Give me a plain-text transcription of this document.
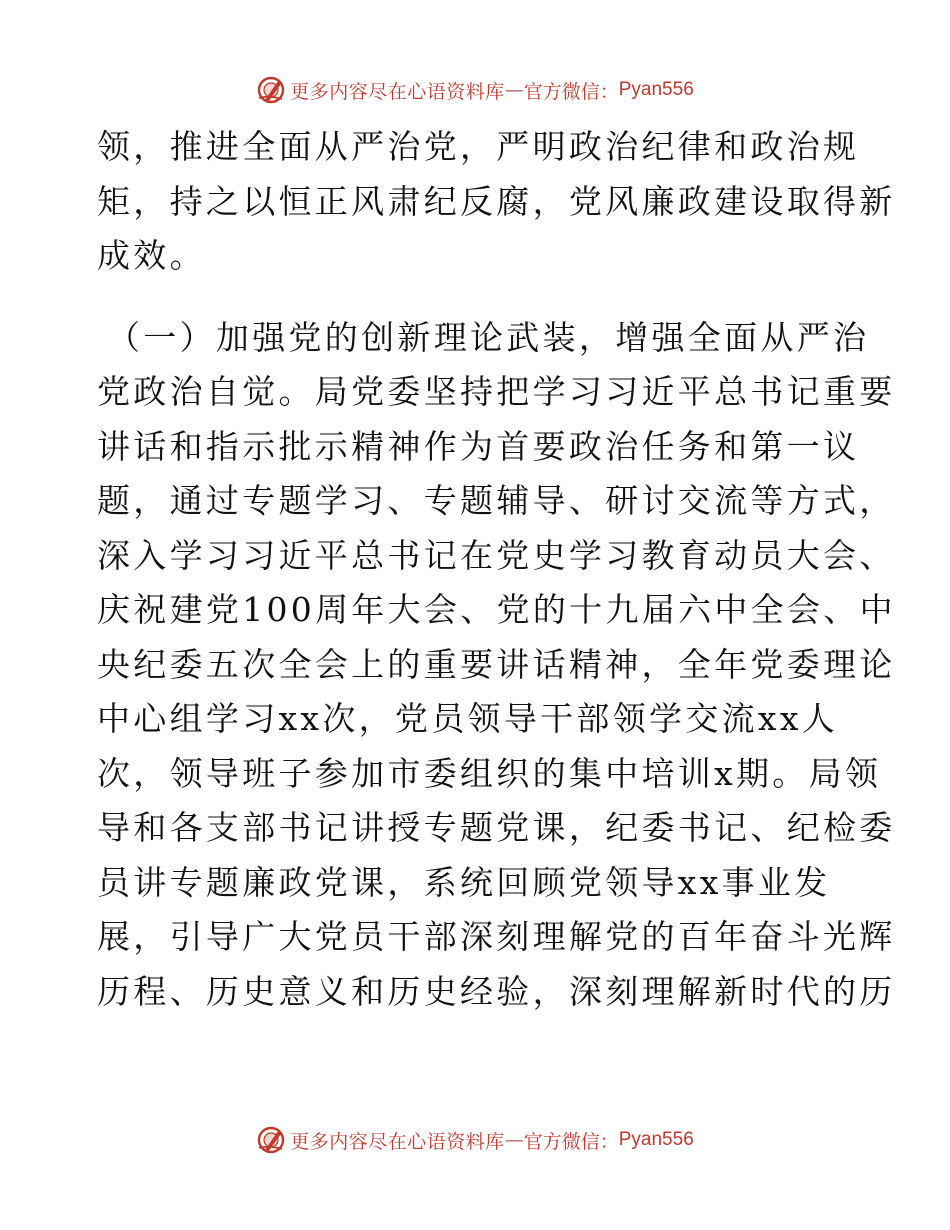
更多内容尽在心语资料库 — 官方微信： Pyan556
领，推进全面从严治党，严明政治纪律和政治规
矩，持之以恒正风肃纪反腐，党风廉政建设取得新
成效。
（一）加强党的创新理论武装，增强全面从严治
党政治自觉。局党委坚持把学习习近平总书记重要
讲话和指示批示精神作为首要政治任务和第一议
题，通过专题学习、专题辅导、研讨交流等方式，
深入学习习近平总书记在党史学习教育动员大会、
庆祝建党100周年大会、党的十九届六中全会、中
央纪委五次全会上的重要讲话精神，全年党委理论
中心组学习xx次，党员领导干部领学交流xx人
次，领导班子参加市委组织的集中培训x期。局领
导和各支部书记讲授专题党课，纪委书记、纪检委
员讲专题廉政党课，系统回顾党领导xx事业发
展，引导广大党员干部深刻理解党的百年奋斗光辉
历程、历史意义和历史经验，深刻理解新时代的历
更多内容尽在心语资料库 — 官方微信： Pyan556
